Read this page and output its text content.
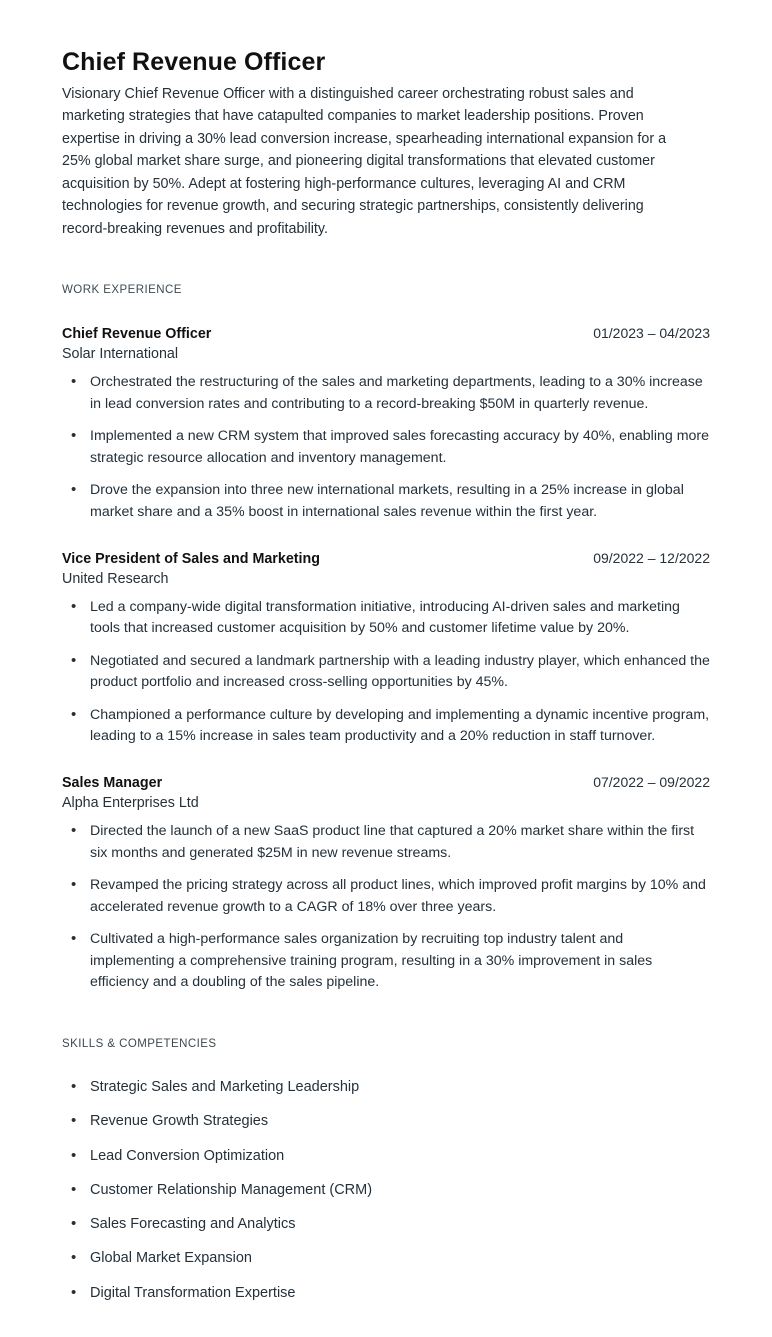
Chief Revenue Officer

Visionary Chief Revenue Officer with a distinguished career orchestrating robust sales and marketing strategies that have catapulted companies to market leadership positions. Proven expertise in driving a 30% lead conversion increase, spearheading international expansion for a 25% global market share surge, and pioneering digital transformations that elevated customer acquisition by 50%. Adept at fostering high-performance cultures, leveraging AI and CRM technologies for revenue growth, and securing strategic partnerships, consistently delivering record-breaking revenues and profitability.

WORK EXPERIENCE
Chief Revenue Officer	01/2023 – 04/2023
Solar International
• Orchestrated the restructuring of the sales and marketing departments, leading to a 30% increase in lead conversion rates and contributing to a record-breaking $50M in quarterly revenue.
• Implemented a new CRM system that improved sales forecasting accuracy by 40%, enabling more strategic resource allocation and inventory management.
• Drove the expansion into three new international markets, resulting in a 25% increase in global market share and a 35% boost in international sales revenue within the first year.
Vice President of Sales and Marketing	09/2022 – 12/2022
United Research
• Led a company-wide digital transformation initiative, introducing AI-driven sales and marketing tools that increased customer acquisition by 50% and customer lifetime value by 20%.
• Negotiated and secured a landmark partnership with a leading industry player, which enhanced the product portfolio and increased cross-selling opportunities by 45%.
• Championed a performance culture by developing and implementing a dynamic incentive program, leading to a 15% increase in sales team productivity and a 20% reduction in staff turnover.
Sales Manager	07/2022 – 09/2022
Alpha Enterprises Ltd
• Directed the launch of a new SaaS product line that captured a 20% market share within the first six months and generated $25M in new revenue streams.
• Revamped the pricing strategy across all product lines, which improved profit margins by 10% and accelerated revenue growth to a CAGR of 18% over three years.
• Cultivated a high-performance sales organization by recruiting top industry talent and implementing a comprehensive training program, resulting in a 30% improvement in sales efficiency and a doubling of the sales pipeline.
SKILLS & COMPETENCIES
• Strategic Sales and Marketing Leadership
• Revenue Growth Strategies
• Lead Conversion Optimization
• Customer Relationship Management (CRM)
• Sales Forecasting and Analytics
• Global Market Expansion
• Digital Transformation Expertise
